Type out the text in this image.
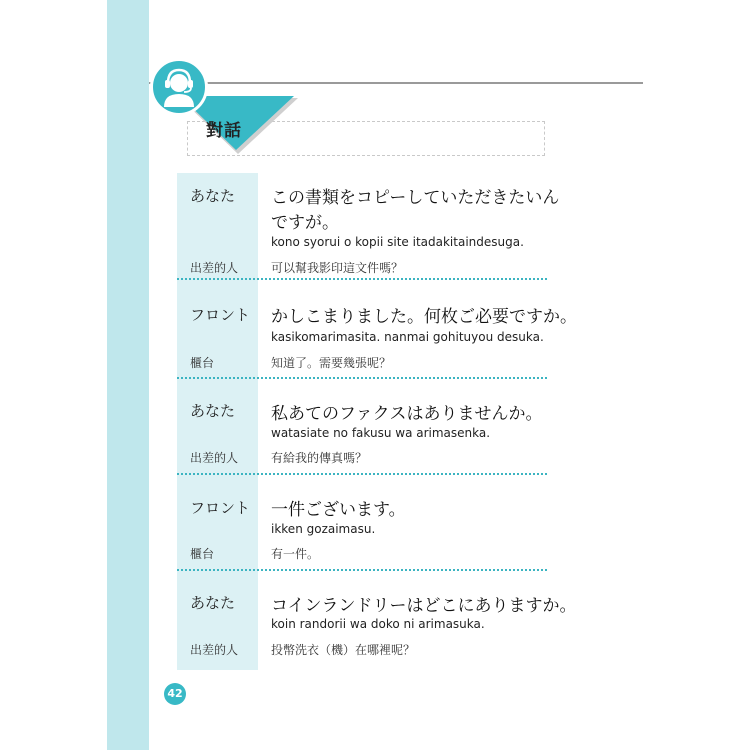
對話
あなた この書類をコピーしていただきたいん
ですが。
kono syorui o kopii site itadakitaindesuga.
出差的人	可以幫我影印這文件嗎？
フロント かしこまりました。何枚ご必要ですか。
kasikomarimasita. nanmai gohituyou desuka.
櫃台	知道了。需要幾張呢？
あなた 私あてのファクスはありませんか。
watasiate no fakusu wa arimasenka.
出差的人	有給我的傳真嗎？
フロント 一件ございます。
ikken gozaimasu.
櫃台	有一件。
あなた コインランドリーはどこにありますか。
koin randorii wa doko ni arimasuka.
出差的人	投幣洗衣（機）在哪裡呢？
42
